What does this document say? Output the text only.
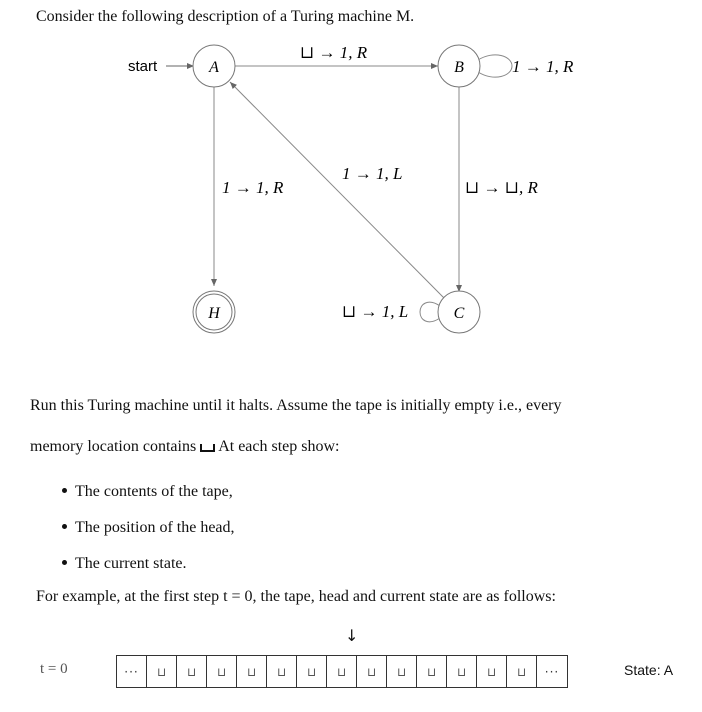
Consider the following description of a Turing machine M.
start	A	B
C
H
⊔ → 1, R
1 → 1, R
1 → 1, R
1 → 1, L
⊔ → ⊔, R
⊔ → 1, L
Run this Turing machine until it halts. Assume the tape is initially empty i.e., every
memory location contains At each step show:
The contents of the tape,
The position of the head,
The current state.
For example, at the first step t = 0, the tape, head and current state are as follows:
↓
t = 0	···	⊔	⊔	⊔	⊔	⊔	⊔	⊔	⊔	⊔	⊔	⊔	⊔	⊔	···	State: A
